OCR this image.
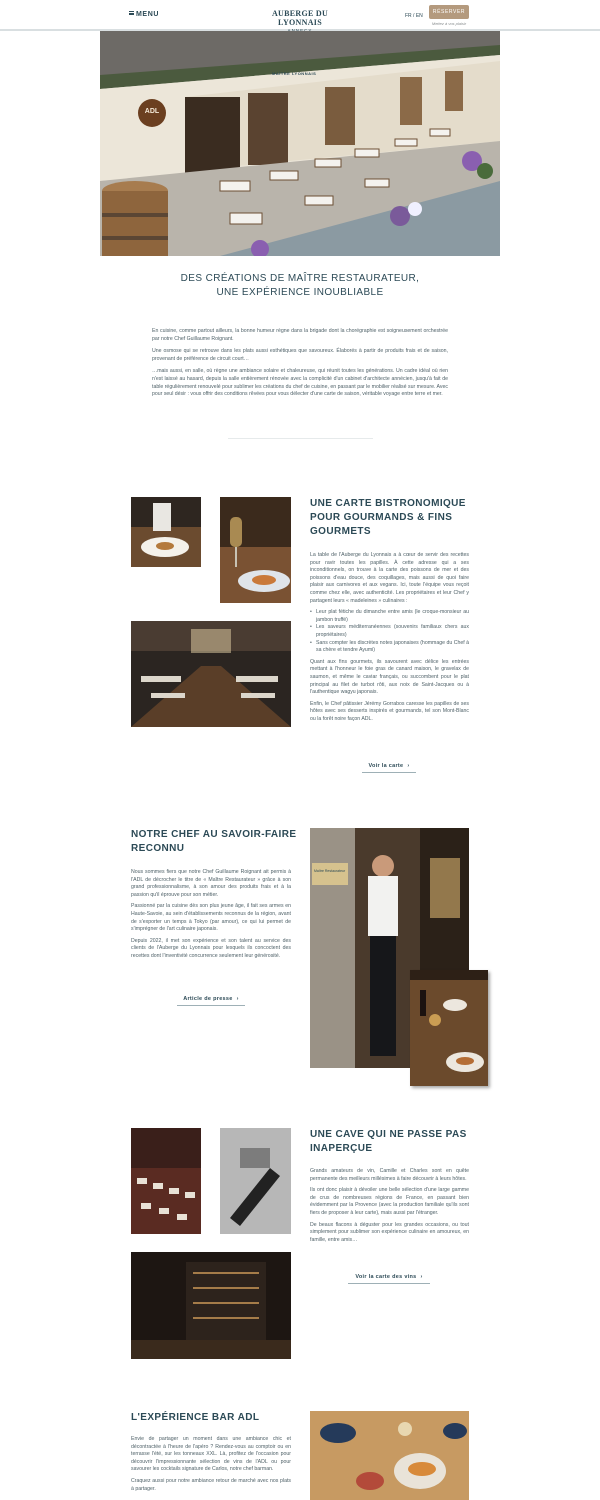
MENU	AUBERGE DU LYONNAIS
FR / EN
RÉSERVER
Mettez à vos plaisir
MAÎTRE LYONNAIS
ADL
DES CRÉATIONS DE MAÎTRE RESTAURATEUR,
UNE EXPÉRIENCE INOUBLIABLE

En cuisine, comme partout ailleurs, la bonne humeur règne dans la brigade dont la chorégraphie est soigneusement orchestrée par notre Chef Guillaume Roignant.

Une osmose qui se retrouve dans les plats aussi esthétiques que savoureux. Élaborés à partir de produits frais et de saison, provenant de préférence de circuit court…

…mais aussi, en salle, où règne une ambiance solaire et chaleureuse, qui réunit toutes les générations. Un cadre idéal où rien n'est laissé au hasard, depuis la salle entièrement rénovée avec la complicité d'un cabinet d'architecte annécien, jusqu'à fait de table régulièrement renouvelé pour sublimer les créations du chef de cuisine, en passant par le mobilier réalisé sur mesure. Avec pour seul désir : vous offrir des conditions rêvées pour vous délecter d'une carte de saison, véritable voyage entre terre et mer.

UNE CARTE BISTRONOMIQUE
POUR GOURMANDS & FINS
GOURMETS

La table de l'Auberge du Lyonnais a à cœur de servir des recettes pour ravir toutes les papilles. À cette adresse qui a ses inconditionnels, on trouve à la carte des poissons de mer et des poissons d'eau douce, des coquillages, mais aussi de quoi faire plaisir aux carnivores et aux vegans. Ici, toute l'équipe vous reçoit comme chez elle, avec authenticité. Les propriétaires et leur Chef y partagent leurs « madeleines » culinaires :

• Leur plat fétiche du dimanche entre amis (le croque-monsieur au jambon truffé)
• Les saveurs méditerranéennes (souvenirs familiaux chers aux propriétaires)
• Sans compter les discrètes notes japonaises (hommage du Chef à sa chère et tendre Ayumi)

Quant aux fins gourmets, ils savourent avec délice les entrées mettant à l'honneur le foie gras de canard maison, le gravelax de saumon, et même le caviar français, ou succombent pour le plat principal au filet de turbot rôti, aux noix de Saint-Jacques ou à l'authentique wagyu japonais.

Enfin, le Chef pâtissier Jérémy Gorrabos caresse les papilles de ses hôtes avec ses desserts inspirés et gourmands, tel son Mont-Blanc ou la forêt noire façon ADL.

Voir la carte ›
NOTRE CHEF AU SAVOIR-FAIRE
RECONNU

Nous sommes fiers que notre Chef Guillaume Roignant ait permis à l'ADL de décrocher le titre de « Maître Restaurateur » grâce à son grand professionnalisme, à son amour des produits frais et à la passion qu'il éprouve pour son métier.

Passionné par la cuisine dès son plus jeune âge, il fait ses armes en Haute-Savoie, au sein d'établissements reconnus de la région, avant de s'exporter un temps à Tokyo (par amour), ce qui lui permet de s'imprégner de l'art culinaire japonais.

Depuis 2022, il met son expérience et son talent au service des clients de l'Auberge du Lyonnais pour lesquels ils concoctent des recettes dont l'inventivité concurrence seulement leur générosité.

Article de presse ›
Maître Restaurateur
UNE CAVE QUI NE PASSE PAS
INAPERÇUE

Grands amateurs de vin, Camille et Charles sont en quête permanente des meilleurs millésimes à faire découvrir à leurs hôtes.

Ils ont donc plaisir à dévoiler une belle sélection d'une large gamme de crus de nombreuses régions de France, en passant bien évidemment par la Provence (avec la production familiale qu'ils sont fiers de proposer à leur carte), mais aussi par l'étranger.

De beaux flacons à déguster pour les grandes occasions, ou tout simplement pour sublimer son expérience culinaire en amoureux, en famille, entre amis…

Voir la carte des vins ›
L'EXPÉRIENCE BAR ADL

Envie de partager un moment dans une ambiance chic et décontractée à l'heure de l'apéro ? Rendez-vous au comptoir ou en terrasse l'été, sur les tonneaux XXL. Là, profitez de l'occasion pour découvrir l'impressionnante sélection de vins de l'ADL ou pour savourer les cocktails signature de Carlos, notre chef barman.

Craquez aussi pour notre ambiance retour de marché avec nos plats à partager.
